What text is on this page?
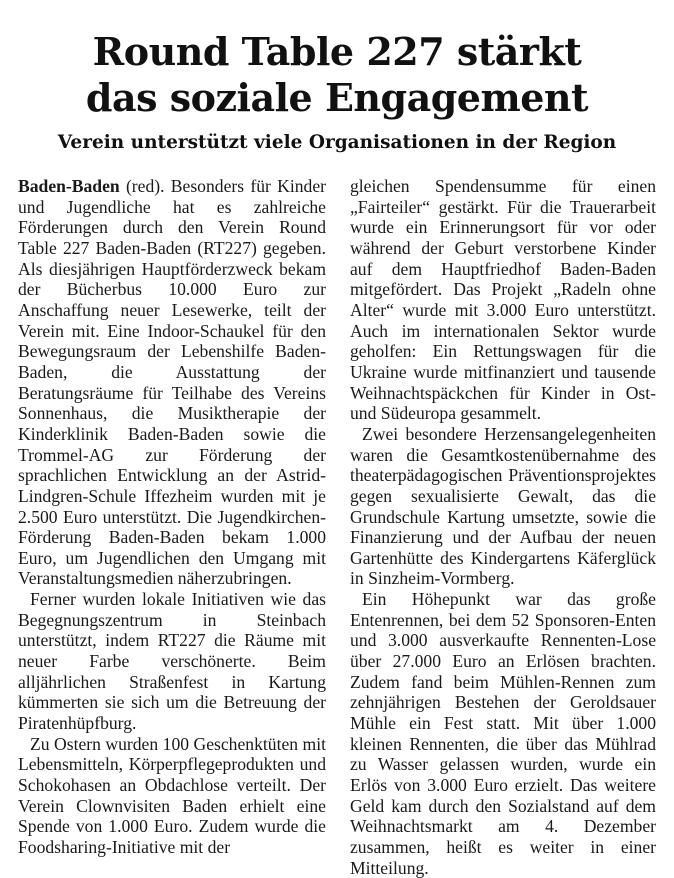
Round Table 227 stärkt
das soziale Engagement
Verein unterstützt viele Organisationen in der Region

Baden-Baden (red). Besonders für Kinder und Jugendliche hat es zahlreiche Förderungen durch den Verein Round Table 227 Baden-Baden (RT227) gegeben. Als diesjährigen Hauptförderzweck bekam der Bücherbus 10.000 Euro zur Anschaffung neuer Lesewerke, teilt der Verein mit. Eine Indoor-Schaukel für den Bewegungsraum der Lebenshilfe Baden-Baden, die Ausstattung der Beratungsräume für Teilhabe des Vereins Sonnenhaus, die Musiktherapie der Kinderklinik Baden-Baden sowie die Trommel-AG zur Förderung der sprachlichen Entwicklung an der Astrid-Lindgren-Schule Iffezheim wurden mit je 2.500 Euro unterstützt. Die Jugendkirchen-Förderung Baden-Baden bekam 1.000 Euro, um Jugendlichen den Umgang mit Veranstaltungsmedien näherzubringen.

Ferner wurden lokale Initiativen wie das Begegnungszentrum in Steinbach unterstützt, indem RT227 die Räume mit neuer Farbe verschönerte. Beim alljährlichen Straßenfest in Kartung kümmerten sie sich um die Betreuung der Piratenhüpfburg.

Zu Ostern wurden 100 Geschenktüten mit Lebensmitteln, Körperpflegeprodukten und Schokohasen an Obdachlose verteilt. Der Verein Clownvisiten Baden erhielt eine Spende von 1.000 Euro. Zudem wurde die Foodsharing-Initiative mit der

gleichen Spendensumme für einen „Fairteiler“ gestärkt. Für die Trauerarbeit wurde ein Erinnerungsort für vor oder während der Geburt verstorbene Kinder auf dem Hauptfriedhof Baden-Baden mitgefördert. Das Projekt „Radeln ohne Alter“ wurde mit 3.000 Euro unterstützt. Auch im internationalen Sektor wurde geholfen: Ein Rettungswagen für die Ukraine wurde mitfinanziert und tausende Weihnachtspäckchen für Kinder in Ost- und Südeuropa gesammelt.

Zwei besondere Herzensangelegenheiten waren die Gesamtkostenübernahme des theaterpädagogischen Präventionsprojektes gegen sexualisierte Gewalt, das die Grundschule Kartung umsetzte, sowie die Finanzierung und der Aufbau der neuen Gartenhütte des Kindergartens Käferglück in Sinzheim-Vormberg.

Ein Höhepunkt war das große Entenrennen, bei dem 52 Sponsoren-Enten und 3.000 ausverkaufte Rennenten-Lose über 27.000 Euro an Erlösen brachten. Zudem fand beim Mühlen-Rennen zum zehnjährigen Bestehen der Geroldsauer Mühle ein Fest statt. Mit über 1.000 kleinen Rennenten, die über das Mühlrad zu Wasser gelassen wurden, wurde ein Erlös von 3.000 Euro erzielt. Das weitere Geld kam durch den Sozialstand auf dem Weihnachtsmarkt am 4. Dezember zusammen, heißt es weiter in einer Mitteilung.
